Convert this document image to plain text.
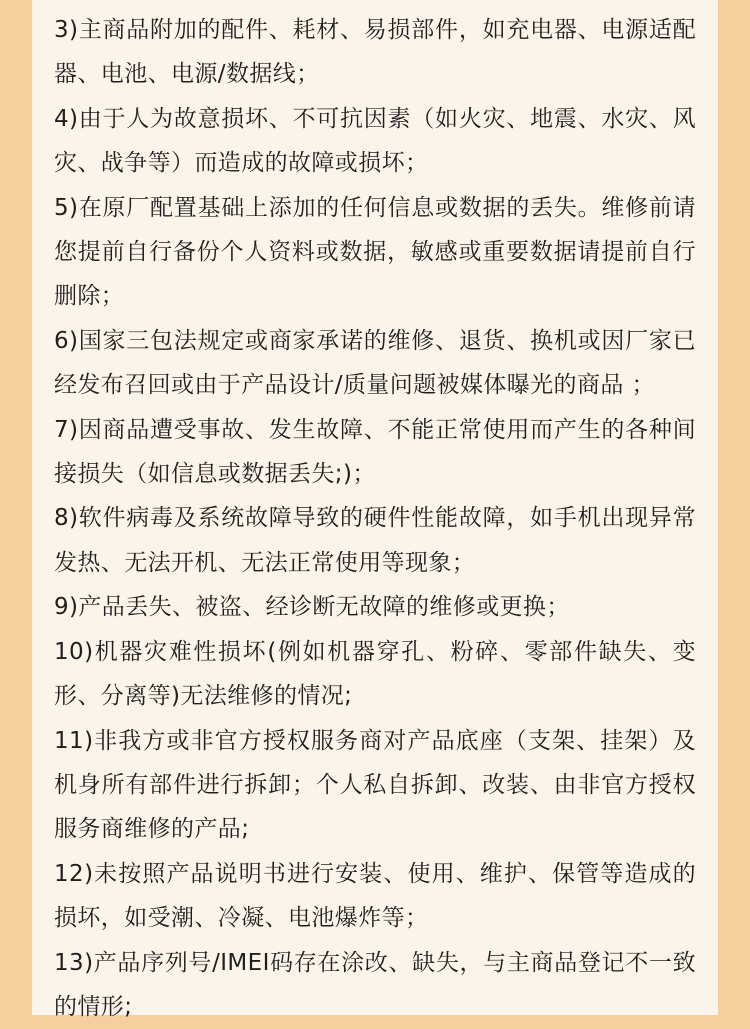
3)主商品附加的配件、耗材、易损部件，如充电器、电源适配器、电池、电源/数据线；

4)由于人为故意损坏、不可抗因素（如火灾、地震、水灾、风灾、战争等）而造成的故障或损坏；

5)在原厂配置基础上添加的任何信息或数据的丢失。维修前请您提前自行备份个人资料或数据，敏感或重要数据请提前自行删除；

6)国家三包法规定或商家承诺的维修、退货、换机或因厂家已经发布召回或由于产品设计/质量问题被媒体曝光的商品 ；

7)因商品遭受事故、发生故障、不能正常使用而产生的各种间接损失（如信息或数据丢失;)；

8)软件病毒及系统故障导致的硬件性能故障，如手机出现异常发热、无法开机、无法正常使用等现象；

9)产品丢失、被盗、经诊断无故障的维修或更换；

10)机器灾难性损坏(例如机器穿孔、粉碎、零部件缺失、变形、分离等)无法维修的情况;

11)非我方或非官方授权服务商对产品底座（支架、挂架）及机身所有部件进行拆卸；个人私自拆卸、改装、由非官方授权服务商维修的产品;

12)未按照产品说明书进行安装、使用、维护、保管等造成的损坏，如受潮、冷凝、电池爆炸等；

13)产品序列号/IMEI码存在涂改、缺失，与主商品登记不一致的情形;
